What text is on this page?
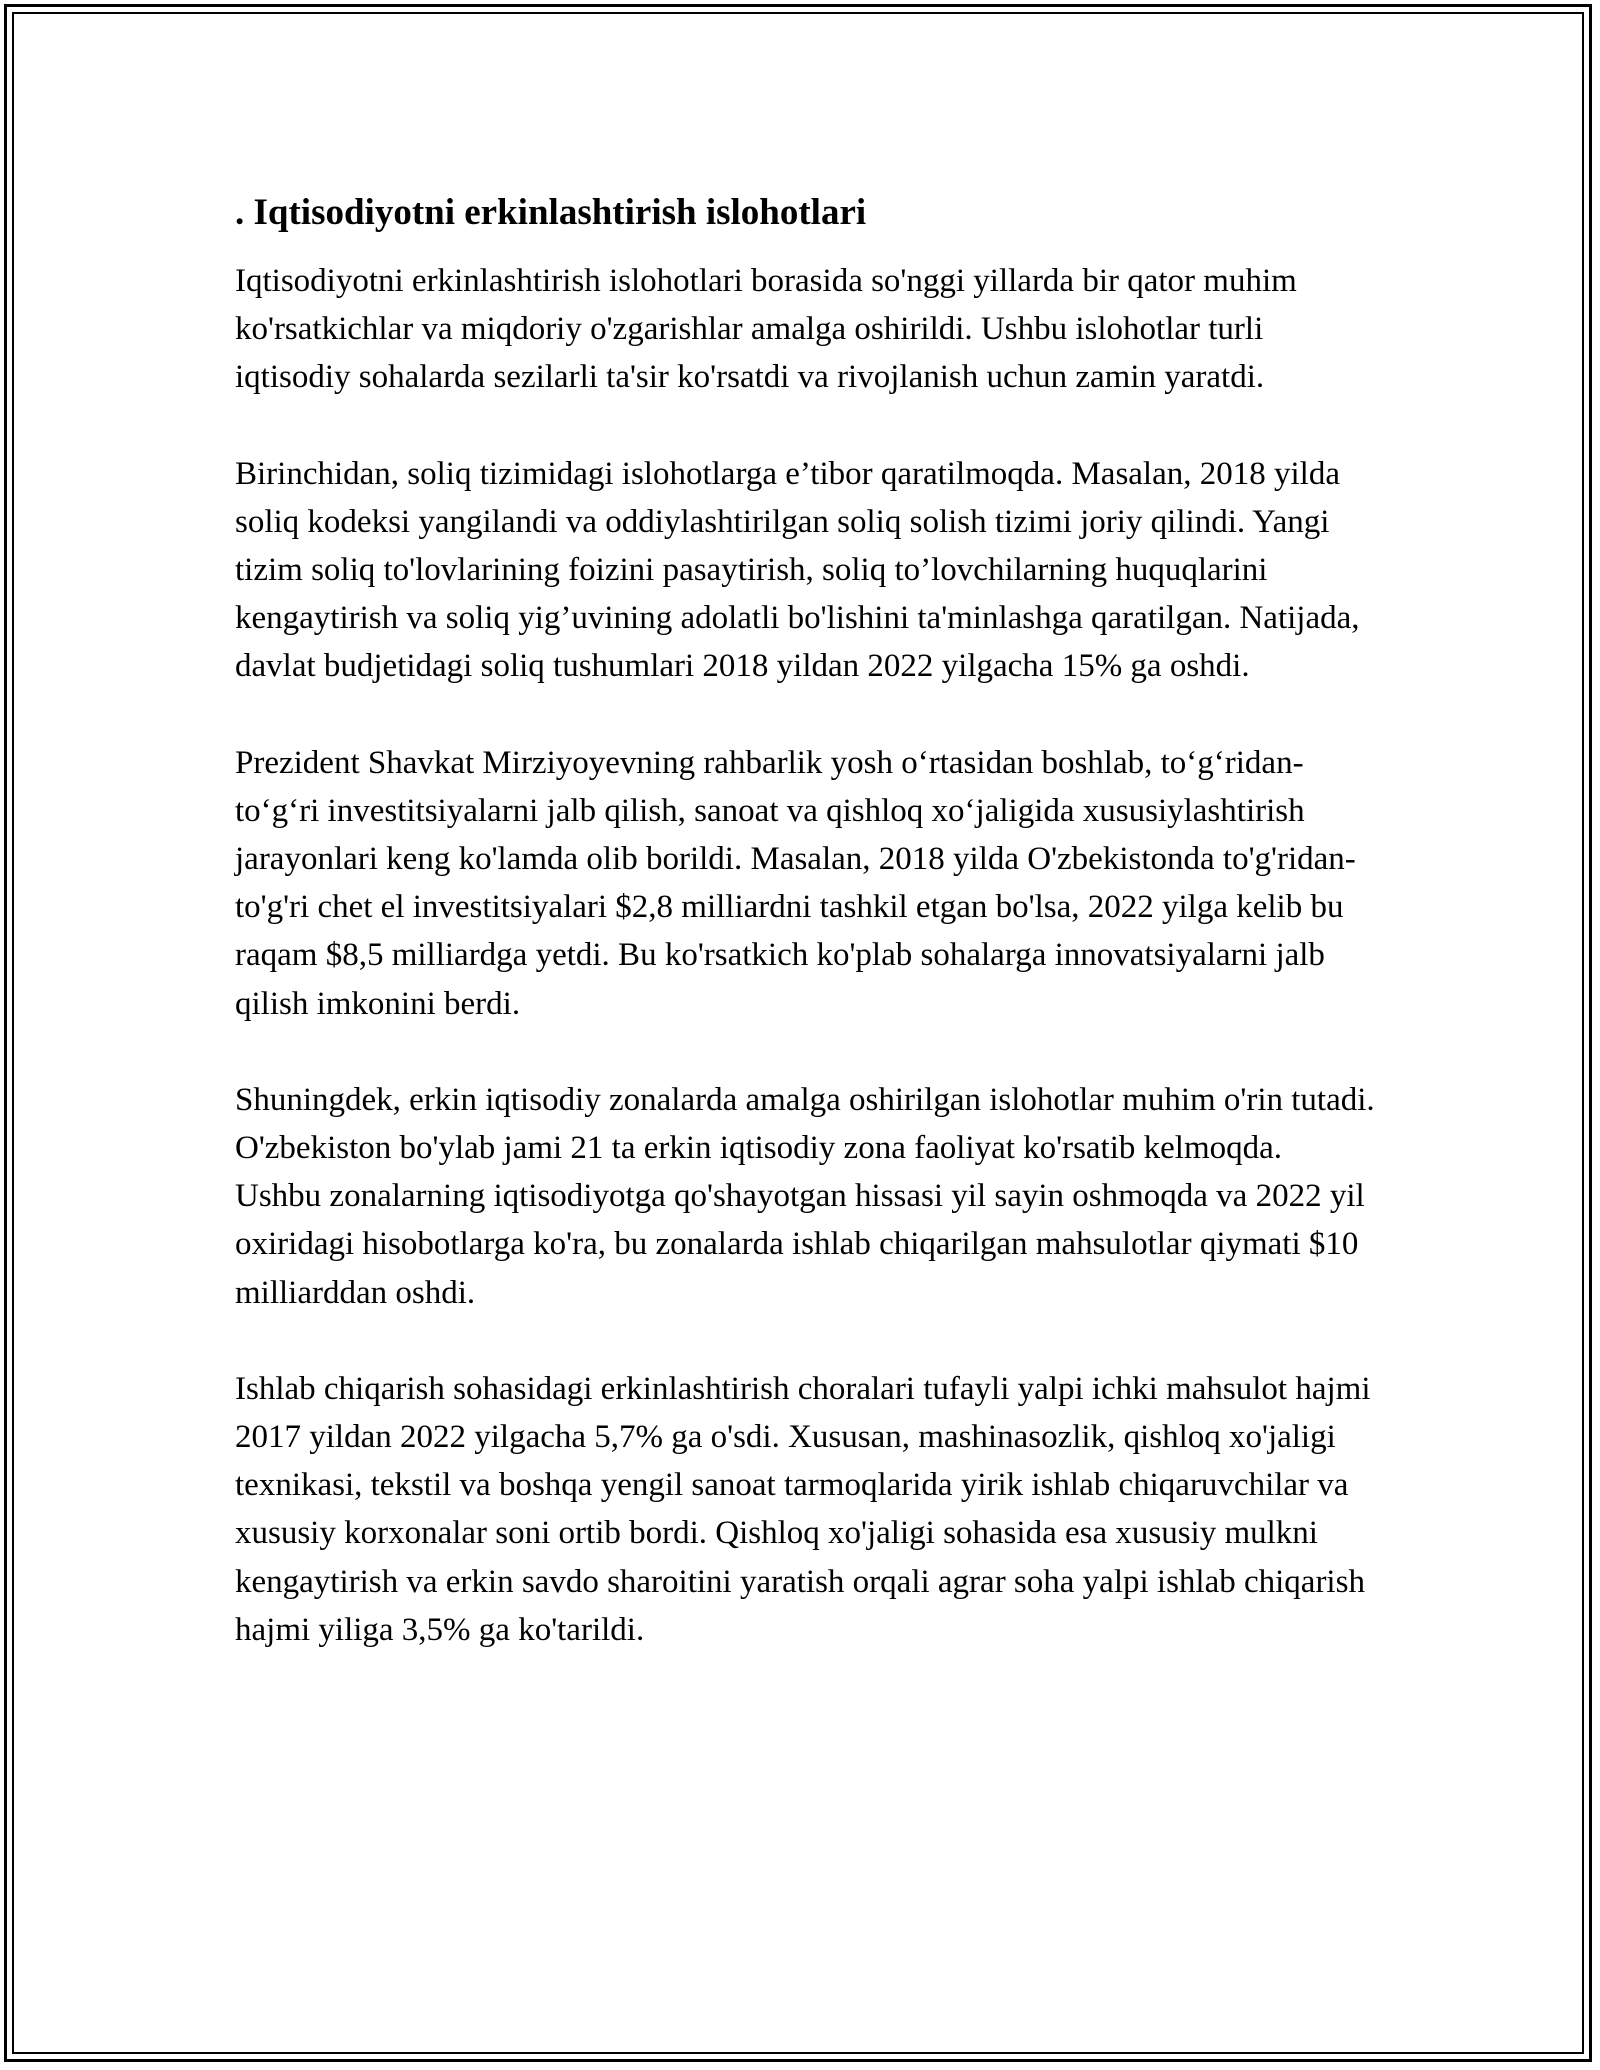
. Iqtisodiyotni erkinlashtirish islohotlari

Iqtisodiyotni erkinlashtirish islohotlari borasida so'nggi yillarda bir qator muhim ko'rsatkichlar va miqdoriy o'zgarishlar amalga oshirildi. Ushbu islohotlar turli iqtisodiy sohalarda sezilarli ta'sir ko'rsatdi va rivojlanish uchun zamin yaratdi.

Birinchidan, soliq tizimidagi islohotlarga e’tibor qaratilmoqda. Masalan, 2018 yilda soliq kodeksi yangilandi va oddiylashtirilgan soliq solish tizimi joriy qilindi. Yangi tizim soliq to'lovlarining foizini pasaytirish, soliq to’lovchilarning huquqlarini kengaytirish va soliq yig’uvining adolatli bo'lishini ta'minlashga qaratilgan. Natijada, davlat budjetidagi soliq tushumlari 2018 yildan 2022 yilgacha 15% ga oshdi.

Prezident Shavkat Mirziyoyevning rahbarlik yosh o‘rtasidan boshlab, to‘g‘ridan-to‘g‘ri investitsiyalarni jalb qilish, sanoat va qishloq xo‘jaligida xususiylashtirish jarayonlari keng ko'lamda olib borildi. Masalan, 2018 yilda O'zbekistonda to'g'ridan-to'g'ri chet el investitsiyalari $2,8 milliardni tashkil etgan bo'lsa, 2022 yilga kelib bu raqam $8,5 milliardga yetdi. Bu ko'rsatkich ko'plab sohalarga innovatsiyalarni jalb qilish imkonini berdi.

Shuningdek, erkin iqtisodiy zonalarda amalga oshirilgan islohotlar muhim o'rin tutadi. O'zbekiston bo'ylab jami 21 ta erkin iqtisodiy zona faoliyat ko'rsatib kelmoqda. Ushbu zonalarning iqtisodiyotga qo'shayotgan hissasi yil sayin oshmoqda va 2022 yil oxiridagi hisobotlarga ko'ra, bu zonalarda ishlab chiqarilgan mahsulotlar qiymati $10 milliarddan oshdi.

Ishlab chiqarish sohasidagi erkinlashtirish choralari tufayli yalpi ichki mahsulot hajmi 2017 yildan 2022 yilgacha 5,7% ga o'sdi. Xususan, mashinasozlik, qishloq xo'jaligi texnikasi, tekstil va boshqa yengil sanoat tarmoqlarida yirik ishlab chiqaruvchilar va xususiy korxonalar soni ortib bordi. Qishloq xo'jaligi sohasida esa xususiy mulkni kengaytirish va erkin savdo sharoitini yaratish orqali agrar soha yalpi ishlab chiqarish hajmi yiliga 3,5% ga ko'tarildi.
